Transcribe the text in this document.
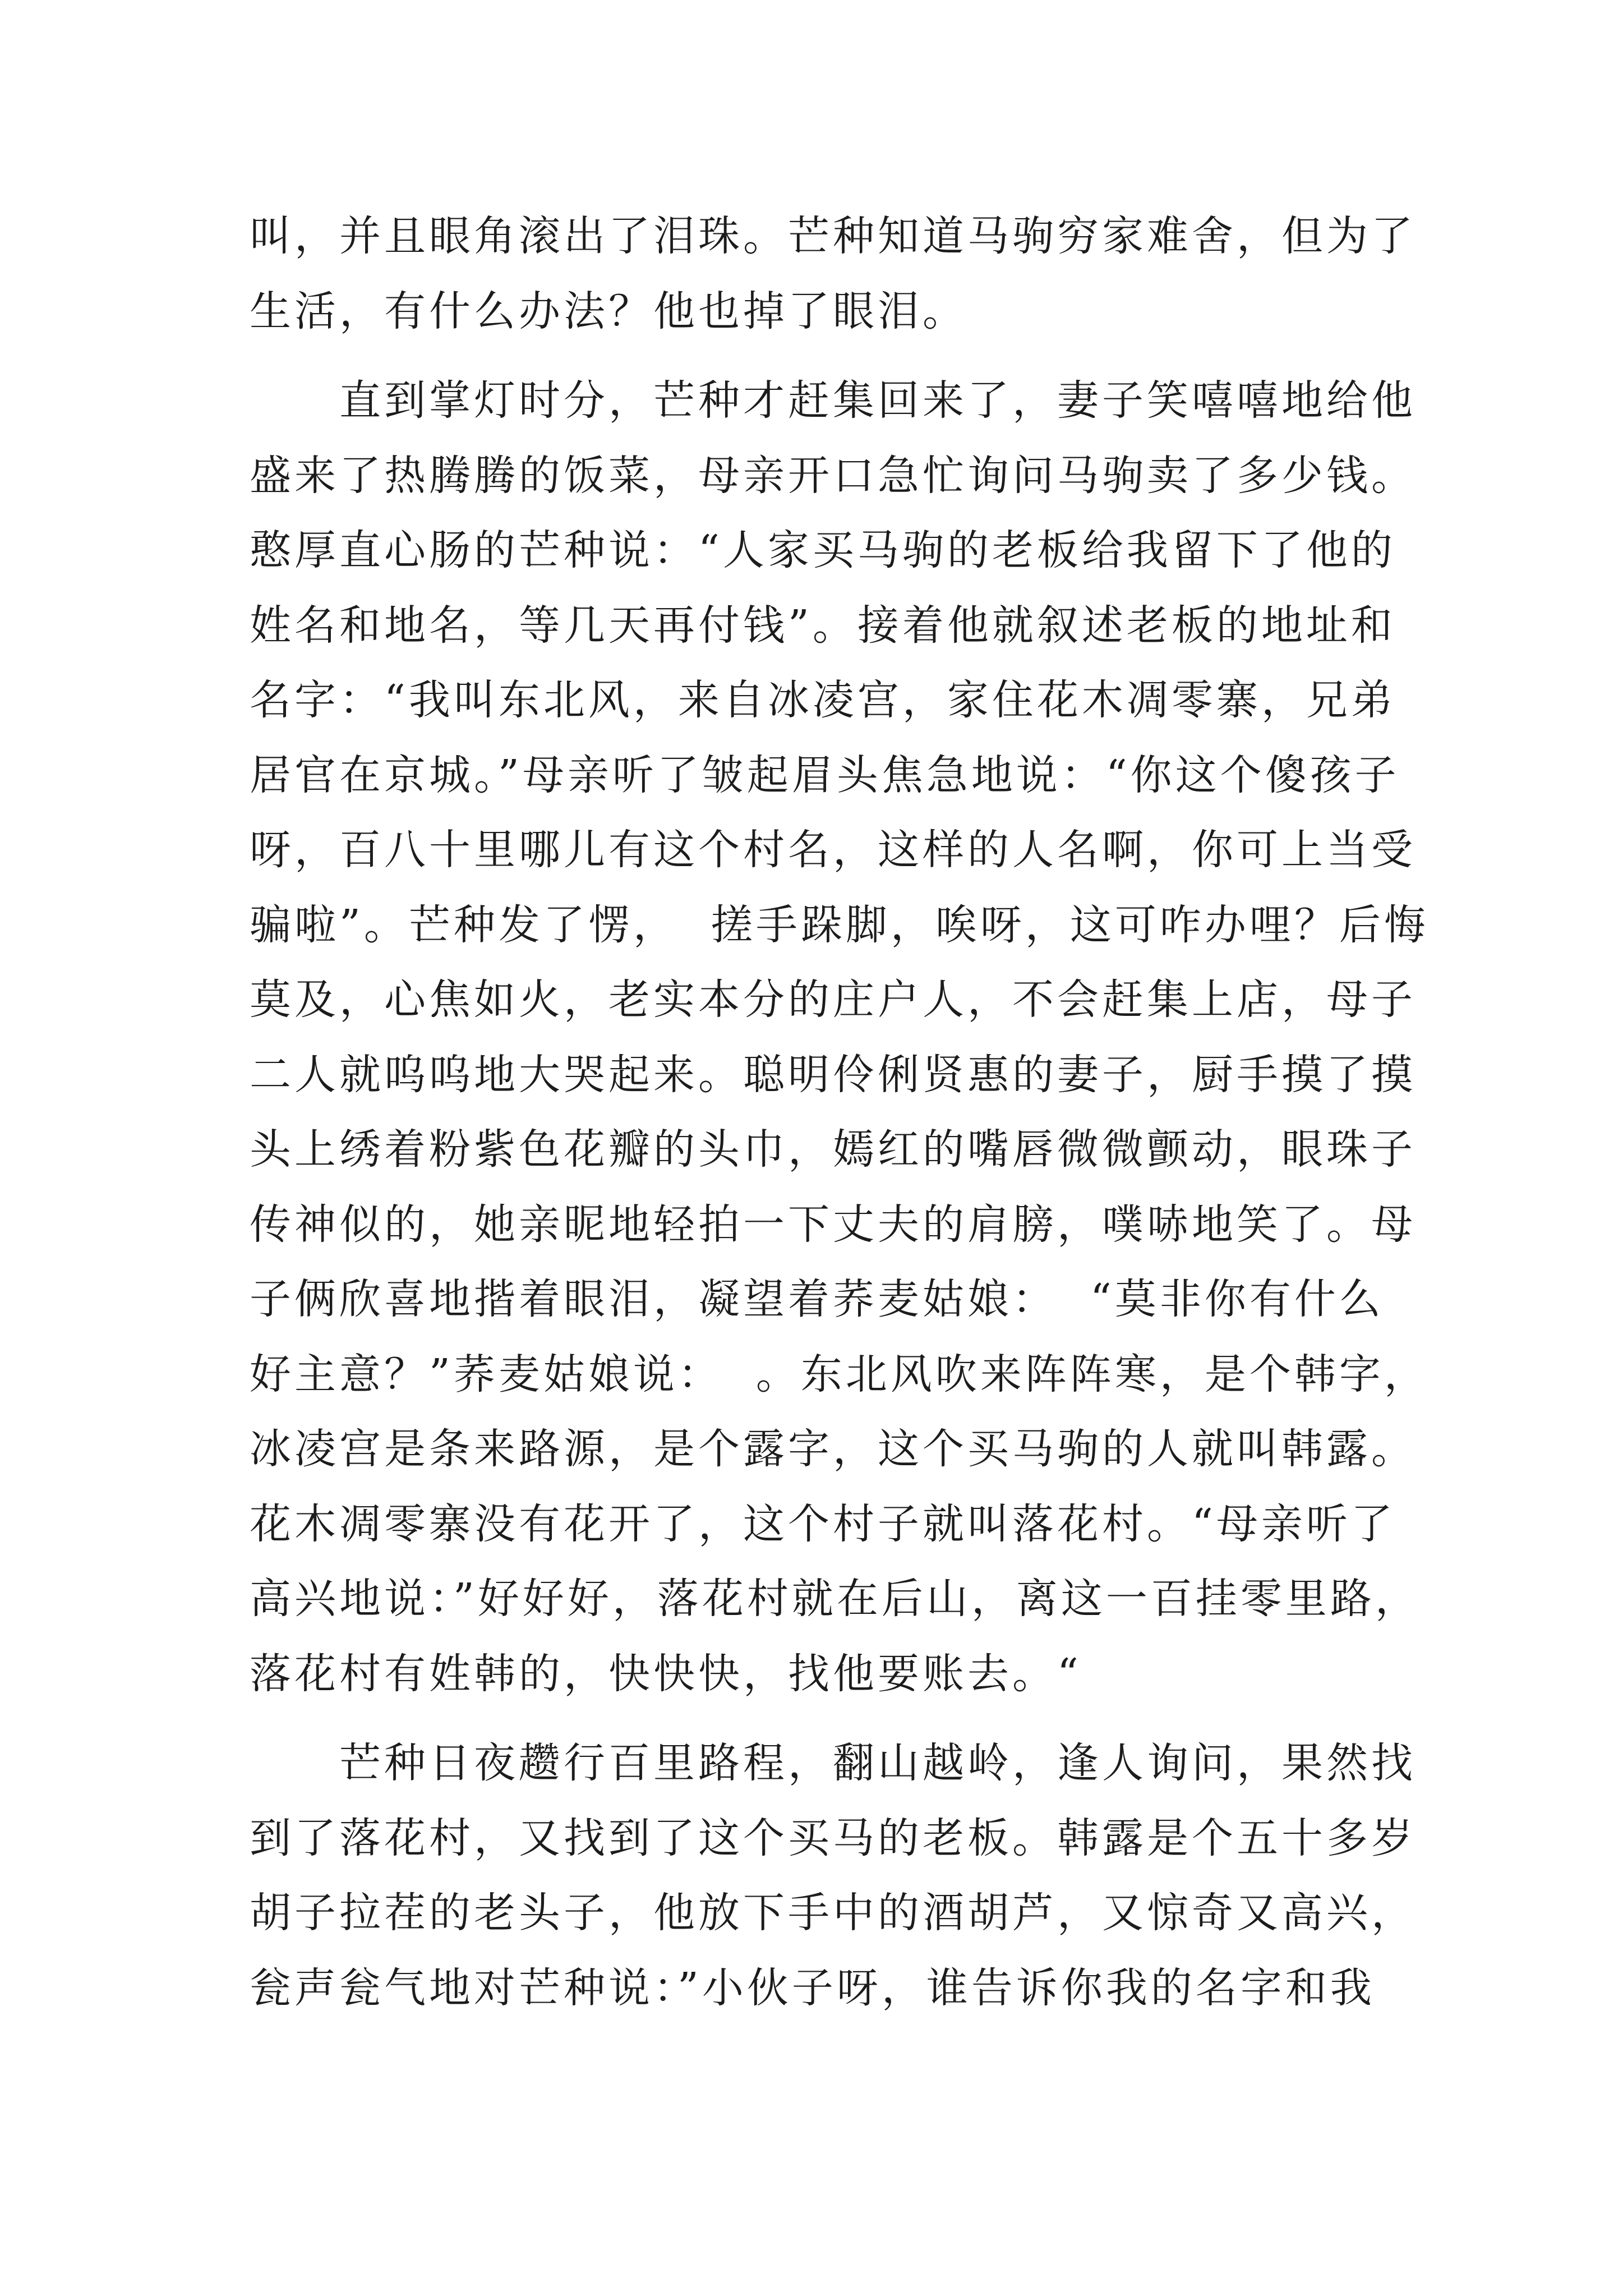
叫，并且眼角滚出了泪珠。芒种知道马驹穷家难舍，但为了
生活，有什么办法？他也掉了眼泪。
　　直到掌灯时分，芒种才赶集回来了，妻子笑嘻嘻地给他
盛来了热腾腾的饭菜，母亲开口急忙询问马驹卖了多少钱。
憨厚直心肠的芒种说：“人家买马驹的老板给我留下了他的
姓名和地名，等几天再付钱”。接着他就叙述老板的地址和
名字：“我叫东北风，来自冰凌宫，家住花木凋零寨，兄弟
居官在京城。”母亲听了皱起眉头焦急地说：“你这个傻孩子
呀，百八十里哪儿有这个村名，这样的人名啊，你可上当受
骗啦”。芒种发了愣，  搓手跺脚，唉呀，这可咋办哩？后悔
莫及，心焦如火，老实本分的庄户人，不会赶集上店，母子
二人就呜呜地大哭起来。聪明伶俐贤惠的妻子，厨手摸了摸
头上绣着粉紫色花瓣的头巾，嫣红的嘴唇微微颤动，眼珠子
传神似的，她亲昵地轻拍一下丈夫的肩膀，噗哧地笑了。母
子俩欣喜地揩着眼泪，凝望着荞麦姑娘：  “莫非你有什么
好主意？”荞麦姑娘说：  。东北风吹来阵阵寒，是个韩字，
冰凌宫是条来路源，是个露字，这个买马驹的人就叫韩露。
花木凋零寨没有花开了，这个村子就叫落花村。“母亲听了
高兴地说：”好好好，落花村就在后山，离这一百挂零里路，
落花村有姓韩的，快快快，找他要账去。“
　　芒种日夜趱行百里路程，翻山越岭，逢人询问，果然找
到了落花村，又找到了这个买马的老板。韩露是个五十多岁
胡子拉茬的老头子，他放下手中的酒胡芦，又惊奇又高兴，
瓮声瓮气地对芒种说：”小伙子呀，谁告诉你我的名字和我
